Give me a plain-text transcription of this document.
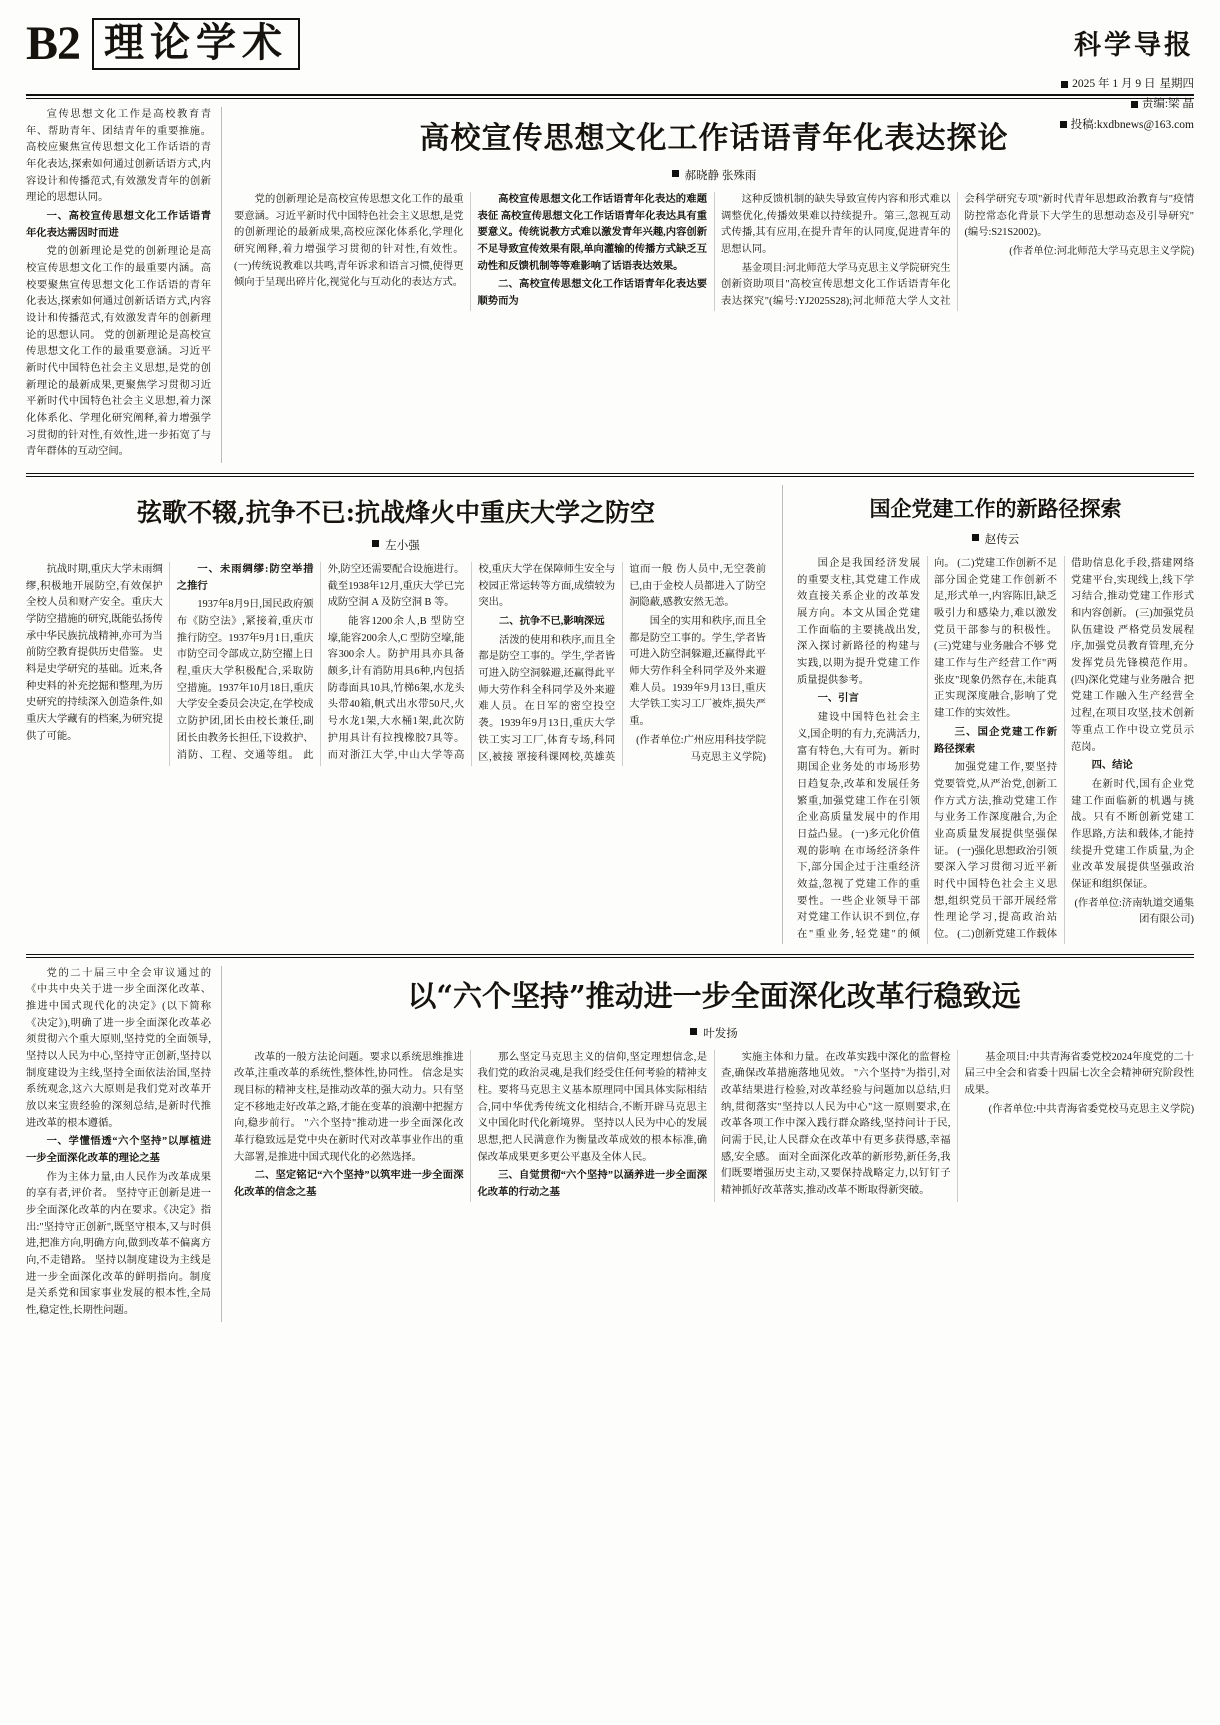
B2 理论学术	科学导报
2025 年 1 月 9 日 星期四
责编:梁 晶
投稿:kxdbnews@163.com

宣传思想文化工作是高校教育青年、帮助青年、团结青年的重要推施。高校应聚焦宣传思想文化工作话语的青年化表达,探索如何通过创新话语方式,内容设计和传播范式,有效激发青年的创新理论的思想认同。

一、高校宣传思想文化工作话语青年化表达需因时而进

党的创新理论是党的创新理论是高校宣传思想文化工作的最重要内涵。高校要聚焦宣传思想文化工作话语的青年化表达,探索如何通过创新话语方式,内容设计和传播范式,有效激发青年的创新理论的思想认同。 党的创新理论是高校宣传思想文化工作的最重要意涵。习近平新时代中国特色社会主义思想,是党的创新理论的最新成果,更聚焦学习贯彻习近平新时代中国特色社会主义思想,着力深化体系化、学理化研究阐释,着力增强学习贯彻的针对性,有效性,进一步拓宽了与青年群体的互动空间。

高校宣传思想文化工作话语青年化表达探论
郝晓静 张殊雨

党的创新理论是高校宣传思想文化工作的最重要意涵。习近平新时代中国特色社会主义思想,是党的创新理论的最新成果,高校应深化体系化,学理化研究阐释,着力增强学习贯彻的针对性,有效性。 (一)传统说教难以共鸣,青年诉求和语言习惯,使得更倾向于呈现出碎片化,视觉化与互动化的表达方式。

高校宣传思想文化工作话语青年化表达的难题表征 高校宣传思想文化工作话语青年化表达具有重要意义。传统说教方式难以激发青年兴趣,内容创新不足导致宣传效果有限,单向灌输的传播方式缺乏互动性和反馈机制等等难影响了话语表达效果。

二、高校宣传思想文化工作话语青年化表达要顺势而为

这种反馈机制的缺失导致宣传内容和形式难以调整优化,传播效果难以持续提升。第三,忽视互动式传播,其有应用,在提升青年的认同度,促进青年的思想认同。

基金项目:河北师范大学马克思主义学院研究生创新资助项目"高校宣传思想文化工作话语青年化表达探究"(编号:YJ2025S28);河北师范大学人文社会科学研究专项"新时代青年思想政治教育与"疫情防控常态化背景下大学生的思想动态及引导研究"(编号:S21S2002)。

(作者单位:河北师范大学马克思主义学院)

弦歌不辍,抗争不已:抗战烽火中重庆大学之防空
左小强

抗战时期,重庆大学未雨绸缪,积极地开展防空,有效保护全校人员和财产安全。重庆大学防空措施的研究,既能弘扬传承中华民族抗战精神,亦可为当前防空教育提供历史借鉴。 史料是史学研究的基础。近来,各种史料的补充挖掘和整理,为历史研究的持续深入创造条件,如重庆大学藏有的档案,为研究提供了可能。

一、未雨绸缪:防空举措之推行

1937年8月9日,国民政府颁布《防空法》,紧接着,重庆市推行防空。1937年9月1日,重庆市防空司令部成立,防空擢上日程,重庆大学积极配合,采取防空措施。1937年10月18日,重庆大学安全委员会决定,在学校成立防护团,团长由校长兼任,副团长由教务长担任,下设救护、消防、工程、交通等组。 此外,防空还需要配合设施进行。截至1938年12月,重庆大学已完成防空洞 A 及防空洞 B 等。

能容1200余人,B 型防空壕,能容200余人,C 型防空壕,能容300余人。防护用具亦具备颇多,计有消防用具6种,内包括防毒面具10具,竹梯6架,水龙头头带40箱,帆式出水带50尺,火号水龙1架,大水桶1架,此次防护用具计有拉拽橡胶7具等。 而对浙江大学,中山大学等高校,重庆大学在保障师生安全与校园正常运转等方面,成绩较为突出。

二、抗争不已,影响深远

活泼的使用和秩序,而且全都是防空工事的。学生,学者皆可进入防空洞躲避,还赢得此平师大劳作科全科同学及外来避难人员。在日军的密空投空袭。1939年9月13日,重庆大学铁工实习工厂,体育专场,科同区,被接 罩接科课网校,英雄英谊而一般 伤人员中,无空袭前已,由于金校人员都进入了防空洞隐蔽,感教安然无恙。

国全的实用和秩序,而且全都是防空工事的。学生,学者皆可进入防空洞躲避,还赢得此平师大劳作科全科同学及外来避难人员。1939年9月13日,重庆大学铁工实习工厂被炸,损失严重。

(作者单位:广州应用科技学院马克思主义学院)

国企党建工作的新路径探索
赵传云

国企是我国经济发展的重要支柱,其党建工作成效直接关系企业的改革发展方向。本文从国企党建工作面临的主要挑战出发,深入探讨新路径的构建与实践,以期为提升党建工作质量提供参考。

一、引言

建设中国特色社会主义,国企明的有力,充满活力,富有特色,大有可为。新时期国企业务处的市场形势日趋复杂,改革和发展任务繁重,加强党建工作在引领企业高质量发展中的作用日益凸显。 (一)多元化价值观的影响 在市场经济条件下,部分国企过于注重经济效益,忽视了党建工作的重要性。一些企业领导干部对党建工作认识不到位,存在"重业务,轻党建"的倾向。 (二)党建工作创新不足 部分国企党建工作创新不足,形式单一,内容陈旧,缺乏吸引力和感染力,难以激发党员干部参与的积极性。 (三)党建与业务融合不够 党建工作与生产经营工作"两张皮"现象仍然存在,未能真正实现深度融合,影响了党建工作的实效性。

三、国企党建工作新路径探索

加强党建工作,要坚持党要管党,从严治党,创新工作方式方法,推动党建工作与业务工作深度融合,为企业高质量发展提供坚强保证。 (一)强化思想政治引领 要深入学习贯彻习近平新时代中国特色社会主义思想,组织党员干部开展经常性理论学习,提高政治站位。 (二)创新党建工作载体 借助信息化手段,搭建网络党建平台,实现线上,线下学习结合,推动党建工作形式和内容创新。 (三)加强党员队伍建设 严格党员发展程序,加强党员教育管理,充分发挥党员先锋模范作用。 (四)深化党建与业务融合 把党建工作融入生产经营全过程,在项目攻坚,技术创新等重点工作中设立党员示范岗。

四、结论

在新时代,国有企业党建工作面临新的机遇与挑战。只有不断创新党建工作思路,方法和载体,才能持续提升党建工作质量,为企业改革发展提供坚强政治保证和组织保证。

(作者单位:济南轨道交通集团有限公司)

党的二十届三中全会审议通过的《中共中央关于进一步全面深化改革、推进中国式现代化的决定》(以下简称《决定》),明确了进一步全面深化改革必须贯彻六个重大原则,坚持党的全面领导,坚持以人民为中心,坚持守正创新,坚持以制度建设为主线,坚持全面依法治国,坚持系统观念,这六大原则是我们党对改革开放以来宝贵经验的深刻总结,是新时代推进改革的根本遵循。

一、学懂悟透“六个坚持”以厚植进一步全面深化改革的理论之基

作为主体力量,由人民作为改革成果的享有者,评价者。 坚持守正创新是进一步全面深化改革的内在要求。《决定》指出:"坚持守正创新",既坚守根本,又与时俱进,把准方向,明确方向,做到改革不偏离方向,不走错路。 坚持以制度建设为主线是进一步全面深化改革的鲜明指向。制度是关系党和国家事业发展的根本性,全局性,稳定性,长期性问题。

以“六个坚持”推动进一步全面深化改革行稳致远
叶发扬

改革的一般方法论问题。要求以系统思维推进改革,注重改革的系统性,整体性,协同性。 信念是实现目标的精神支柱,是推动改革的强大动力。只有坚定不移地走好改革之路,才能在变革的浪潮中把握方向,稳步前行。 "六个坚持"推动进一步全面深化改革行稳致远是党中央在新时代对改革事业作出的重大部署,是推进中国式现代化的必然选择。

二、坚定铭记“六个坚持”以筑牢进一步全面深化改革的信念之基

那么坚定马克思主义的信仰,坚定理想信念,是我们党的政治灵魂,是我们经受住任何考验的精神支柱。要将马克思主义基本原理同中国具体实际相结合,同中华优秀传统文化相结合,不断开辟马克思主义中国化时代化新境界。 坚持以人民为中心的发展思想,把人民满意作为衡量改革成效的根本标准,确保改革成果更多更公平惠及全体人民。

三、自觉贯彻“六个坚持”以涵养进一步全面深化改革的行动之基

实施主体和力量。在改革实践中深化的监督检查,确保改革措施落地见效。 "六个坚持"为指引,对改革结果进行检验,对改革经验与问题加以总结,归纳,贯彻落实"坚持以人民为中心"这一原则要求,在改革各项工作中深入践行群众路线,坚持问计于民,问需于民,让人民群众在改革中有更多获得感,幸福感,安全感。 面对全面深化改革的新形势,新任务,我们既要增强历史主动,又要保持战略定力,以钉钉子精神抓好改革落实,推动改革不断取得新突破。

基金项目:中共青海省委党校2024年度党的二十届三中全会和省委十四届七次全会精神研究阶段性成果。

(作者单位:中共青海省委党校马克思主义学院)
